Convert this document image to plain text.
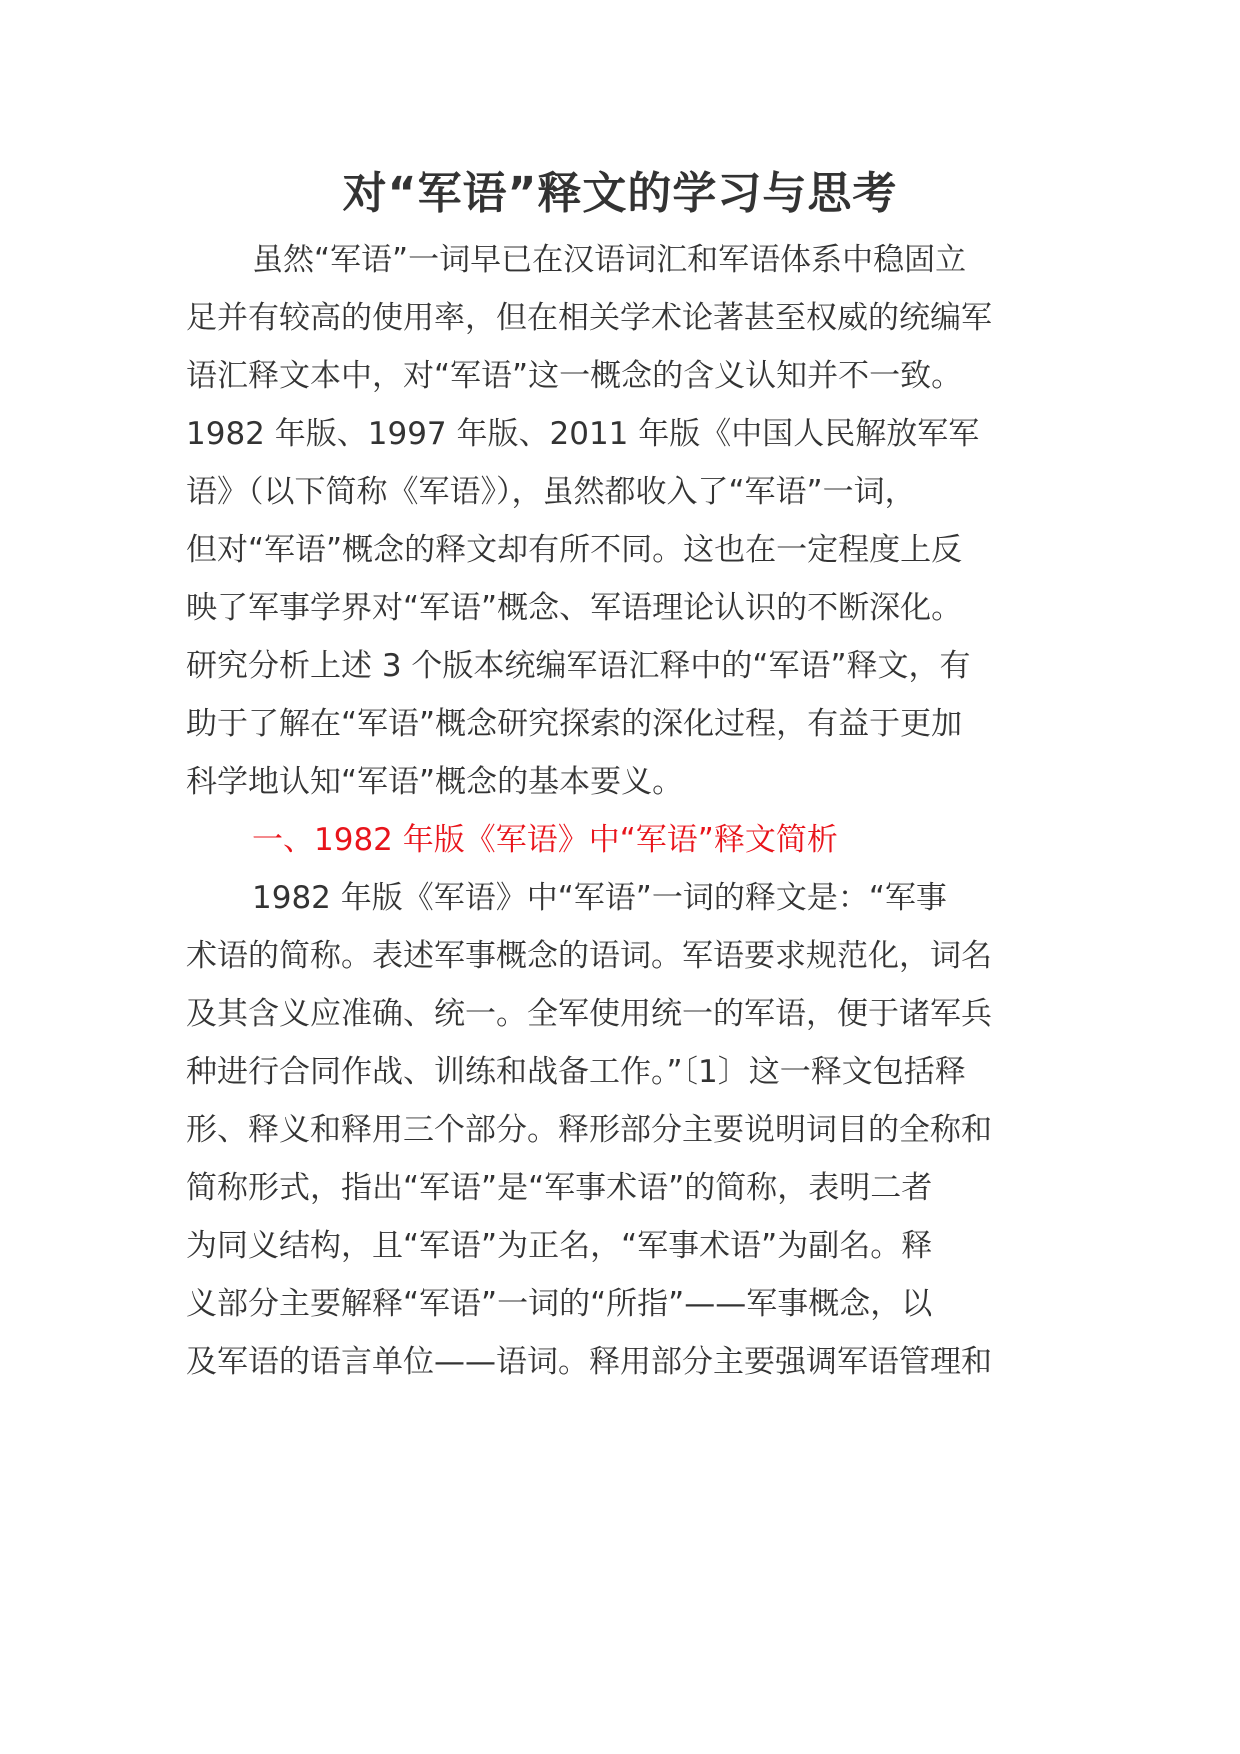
对“军语”释文的学习与思考

虽然“军语”一词早已在汉语词汇和军语体系中稳固立

足并有较高的使用率，但在相关学术论著甚至权威的统编军

语汇释文本中，对“军语”这一概念的含义认知并不一致。

1982 年版、1997 年版、2011 年版《中国人民解放军军

语》（以下简称《军语》），虽然都收入了“军语”一词，

但对“军语”概念的释文却有所不同。这也在一定程度上反

映了军事学界对“军语”概念、军语理论认识的不断深化。

研究分析上述 3 个版本统编军语汇释中的“军语”释文，有

助于了解在“军语”概念研究探索的深化过程，有益于更加

科学地认知“军语”概念的基本要义。

一、1982 年版《军语》中“军语”释文简析

1982 年版《军语》中“军语”一词的释文是：“军事

术语的简称。表述军事概念的语词。军语要求规范化，词名

及其含义应准确、统一。全军使用统一的军语，便于诸军兵

种进行合同作战、训练和战备工作。”〔1〕这一释文包括释

形、释义和释用三个部分。释形部分主要说明词目的全称和

简称形式，指出“军语”是“军事术语”的简称，表明二者

为同义结构，且“军语”为正名，“军事术语”为副名。释

义部分主要解释“军语”一词的“所指”——军事概念，以

及军语的语言单位——语词。释用部分主要强调军语管理和
